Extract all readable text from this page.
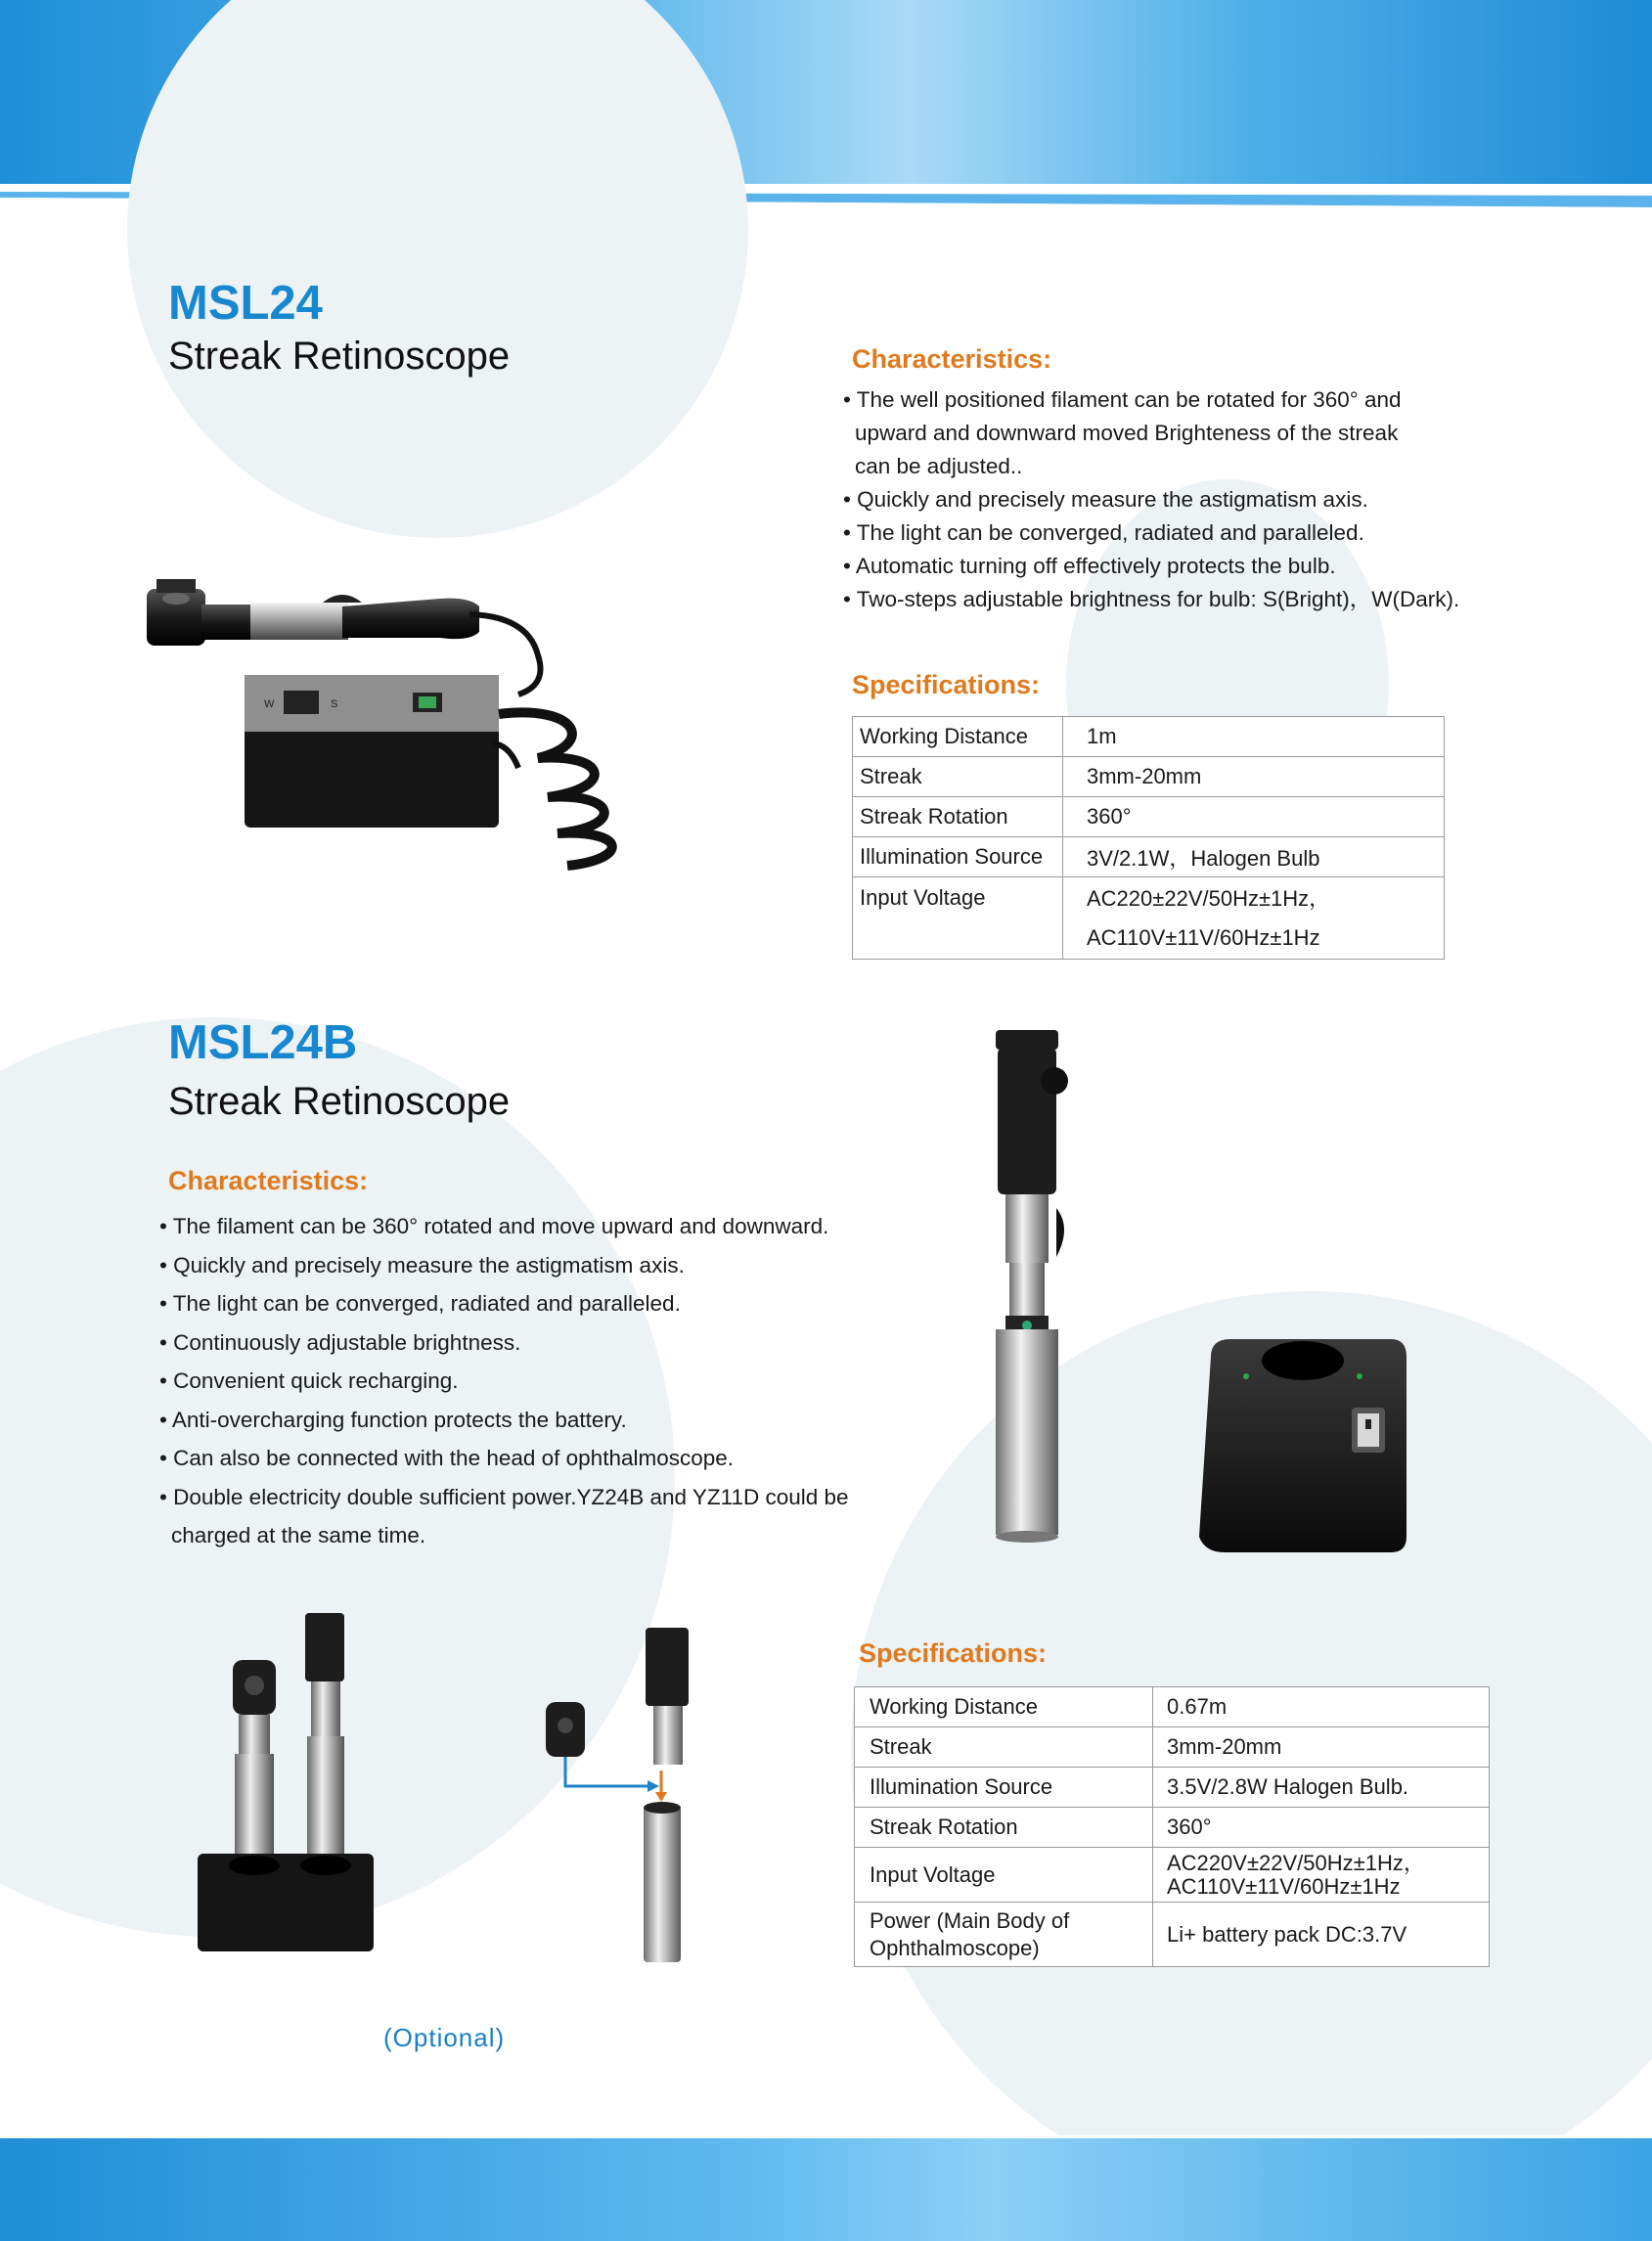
MSL24
Streak Retinoscope	Characteristics:
• The well positioned filament can be rotated for 360° and
upward and downward moved Brighteness of the streak
can be adjusted..
• Quickly and precisely measure the astigmatism axis.
• The light can be converged, radiated and paralleled.
• Automatic turning off effectively protects the bulb.
• Two-steps adjustable brightness for bulb: S(Bright)，W(Dark).
Specifications:
Working Distance	1m
Streak	3mm-20mm
Streak Rotation	360°
Illumination Source	3V/2.1W，Halogen Bulb
Input Voltage	AC220±22V/50Hz±1Hz，
AC110V±11V/60Hz±1Hz
W	S
MSL24B
Streak Retinoscope
Characteristics:
• The filament can be 360° rotated and move upward and downward.
• Quickly and precisely measure the astigmatism axis.
• The light can be converged, radiated and paralleled.
• Continuously adjustable brightness.
• Convenient quick recharging.
• Anti-overcharging function protects the battery.
• Can also be connected with the head of ophthalmoscope.
• Double electricity double sufficient power.YZ24B and YZ11D could be
charged at the same time.
(Optional)
Specifications:
Working Distance	0.67m
Streak	3mm-20mm
Illumination Source	3.5V/2.8W Halogen Bulb.
Streak Rotation	360°
Input Voltage	AC220V±22V/50Hz±1Hz，
AC110V±11V/60Hz±1Hz

Power (Main Body of
Ophthalmoscope)	Li+ battery pack DC:3.7V
